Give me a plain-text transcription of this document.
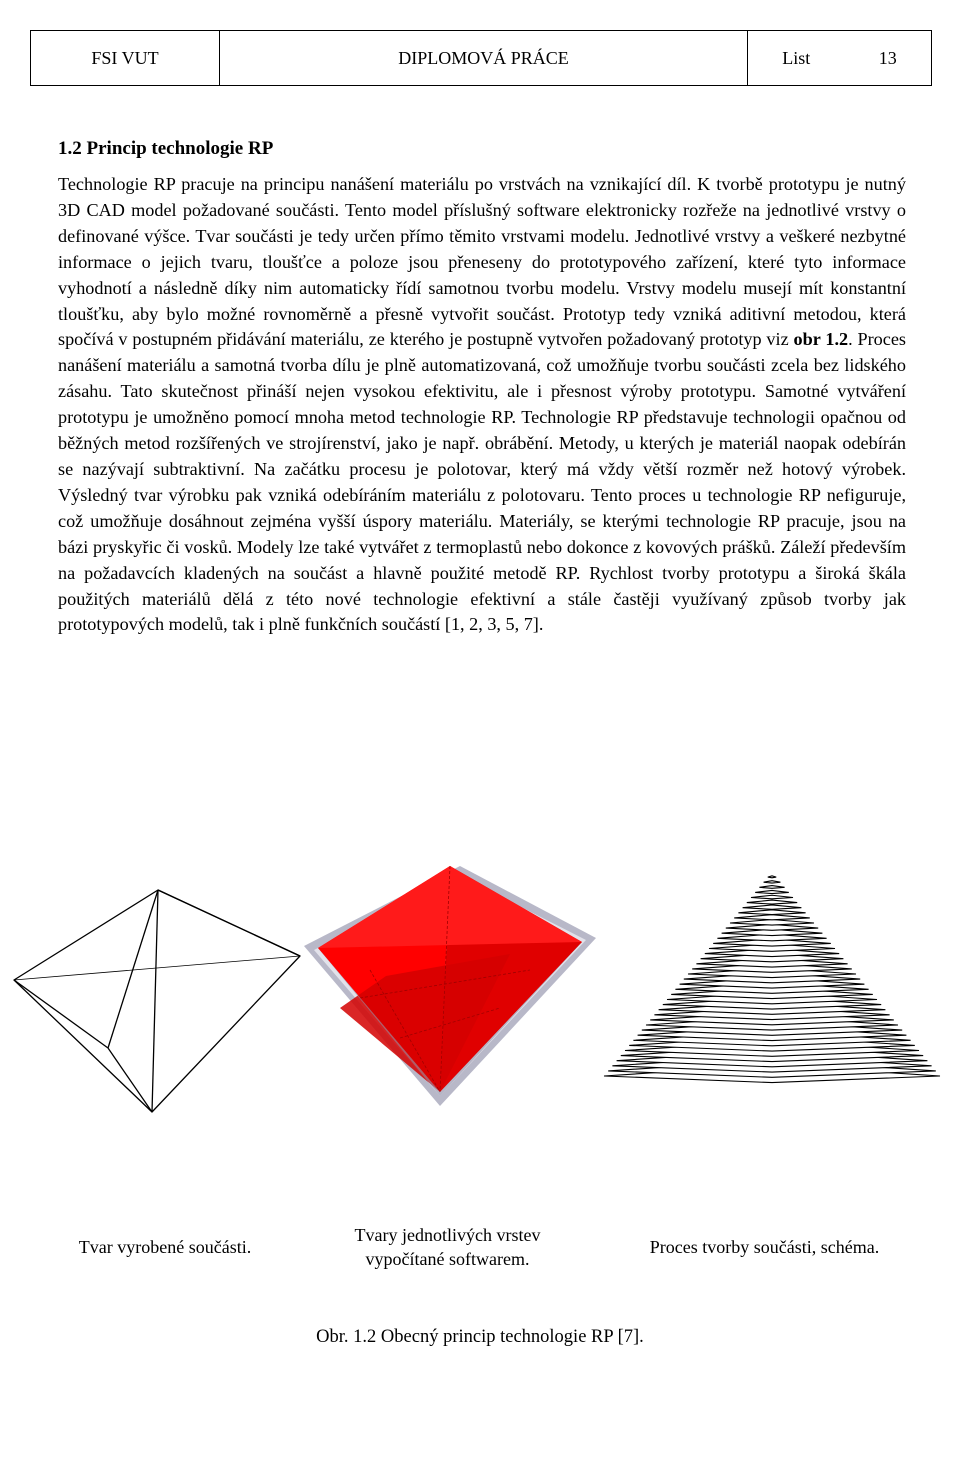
FSI VUT	DIPLOMOVÁ PRÁCE	List	13
1.2 Princip technologie RP

Technologie RP pracuje na principu nanášení materiálu po vrstvách na vznikající díl. K tvorbě prototypu je nutný 3D CAD model požadované součásti. Tento model příslušný software elektronicky rozřeže na jednotlivé vrstvy o definované výšce. Tvar součásti je tedy určen přímo těmito vrstvami modelu. Jednotlivé vrstvy a veškeré nezbytné informace o jejich tvaru, tloušťce a poloze jsou přeneseny do prototypového zařízení, které tyto informace vyhodnotí a následně díky nim automaticky řídí samotnou tvorbu modelu. Vrstvy modelu musejí mít konstantní tloušťku, aby bylo možné rovnoměrně a přesně vytvořit součást. Prototyp tedy vzniká aditivní metodou, která spočívá v postupném přidávání materiálu, ze kterého je postupně vytvořen požadovaný prototyp viz obr 1.2. Proces nanášení materiálu a samotná tvorba dílu je plně automatizovaná, což umožňuje tvorbu součásti zcela bez lidského zásahu. Tato skutečnost přináší nejen vysokou efektivitu, ale i přesnost výroby prototypu. Samotné vytváření prototypu je umožněno pomocí mnoha metod technologie RP. Technologie RP představuje technologii opačnou od běžných metod rozšířených ve strojírenství, jako je např. obrábění. Metody, u kterých je materiál naopak odebírán se nazývají subtraktivní. Na začátku procesu je polotovar, který má vždy větší rozměr než hotový výrobek. Výsledný tvar výrobku pak vzniká odebíráním materiálu z polotovaru. Tento proces u technologie RP nefiguruje, což umožňuje dosáhnout zejména vyšší úspory materiálu. Materiály, se kterými technologie RP pracuje, jsou na bázi pryskyřic či vosků. Modely lze také vytvářet z termoplastů nebo dokonce z kovových prášků. Záleží především na požadavcích kladených na součást a hlavně použité metodě RP. Rychlost tvorby prototypu a široká škála použitých materiálů dělá z této nové technologie efektivní a stále častěji využívaný způsob tvorby jak prototypových modelů, tak i plně funkčních součástí [1, 2, 3, 5, 7].

Tvar vyrobené součásti.
Tvary jednotlivých vrstev vypočítané softwarem.
Proces tvorby součásti, schéma.
Obr. 1.2 Obecný princip technologie RP [7].
